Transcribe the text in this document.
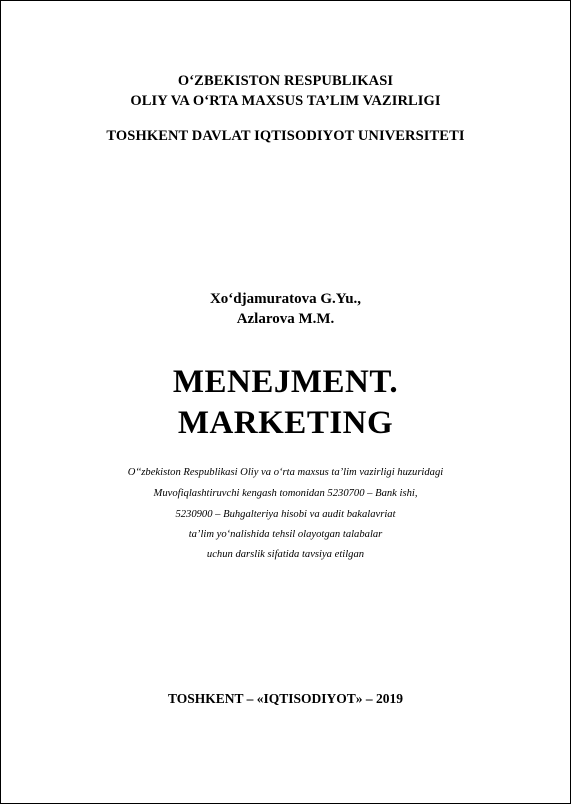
O‘ZBEKISTON RESPUBLIKASI
OLIY VA O‘RTA MAXSUS TA’LIM VAZIRLIGI
TOSHKENT DAVLAT IQTISODIYOT UNIVERSITETI
Xo‘djamuratova G.Yu.,
Azlarova M.M.
MENEJMENT.
MARKETING
O‘‘zbekiston Respublikasi Oliy va o‘rta maxsus ta’lim vazirligi huzuridagi
Muvofiqlashtiruvchi kengash tomonidan 5230700 – Bank ishi,
5230900 – Buhgalteriya hisobi va audit bakalavriat
ta’lim yo‘nalishida tehsil olayotgan talabalar
uchun darslik sifatida tavsiya etilgan
TOSHKENT – «IQTISODIYOT» – 2019
